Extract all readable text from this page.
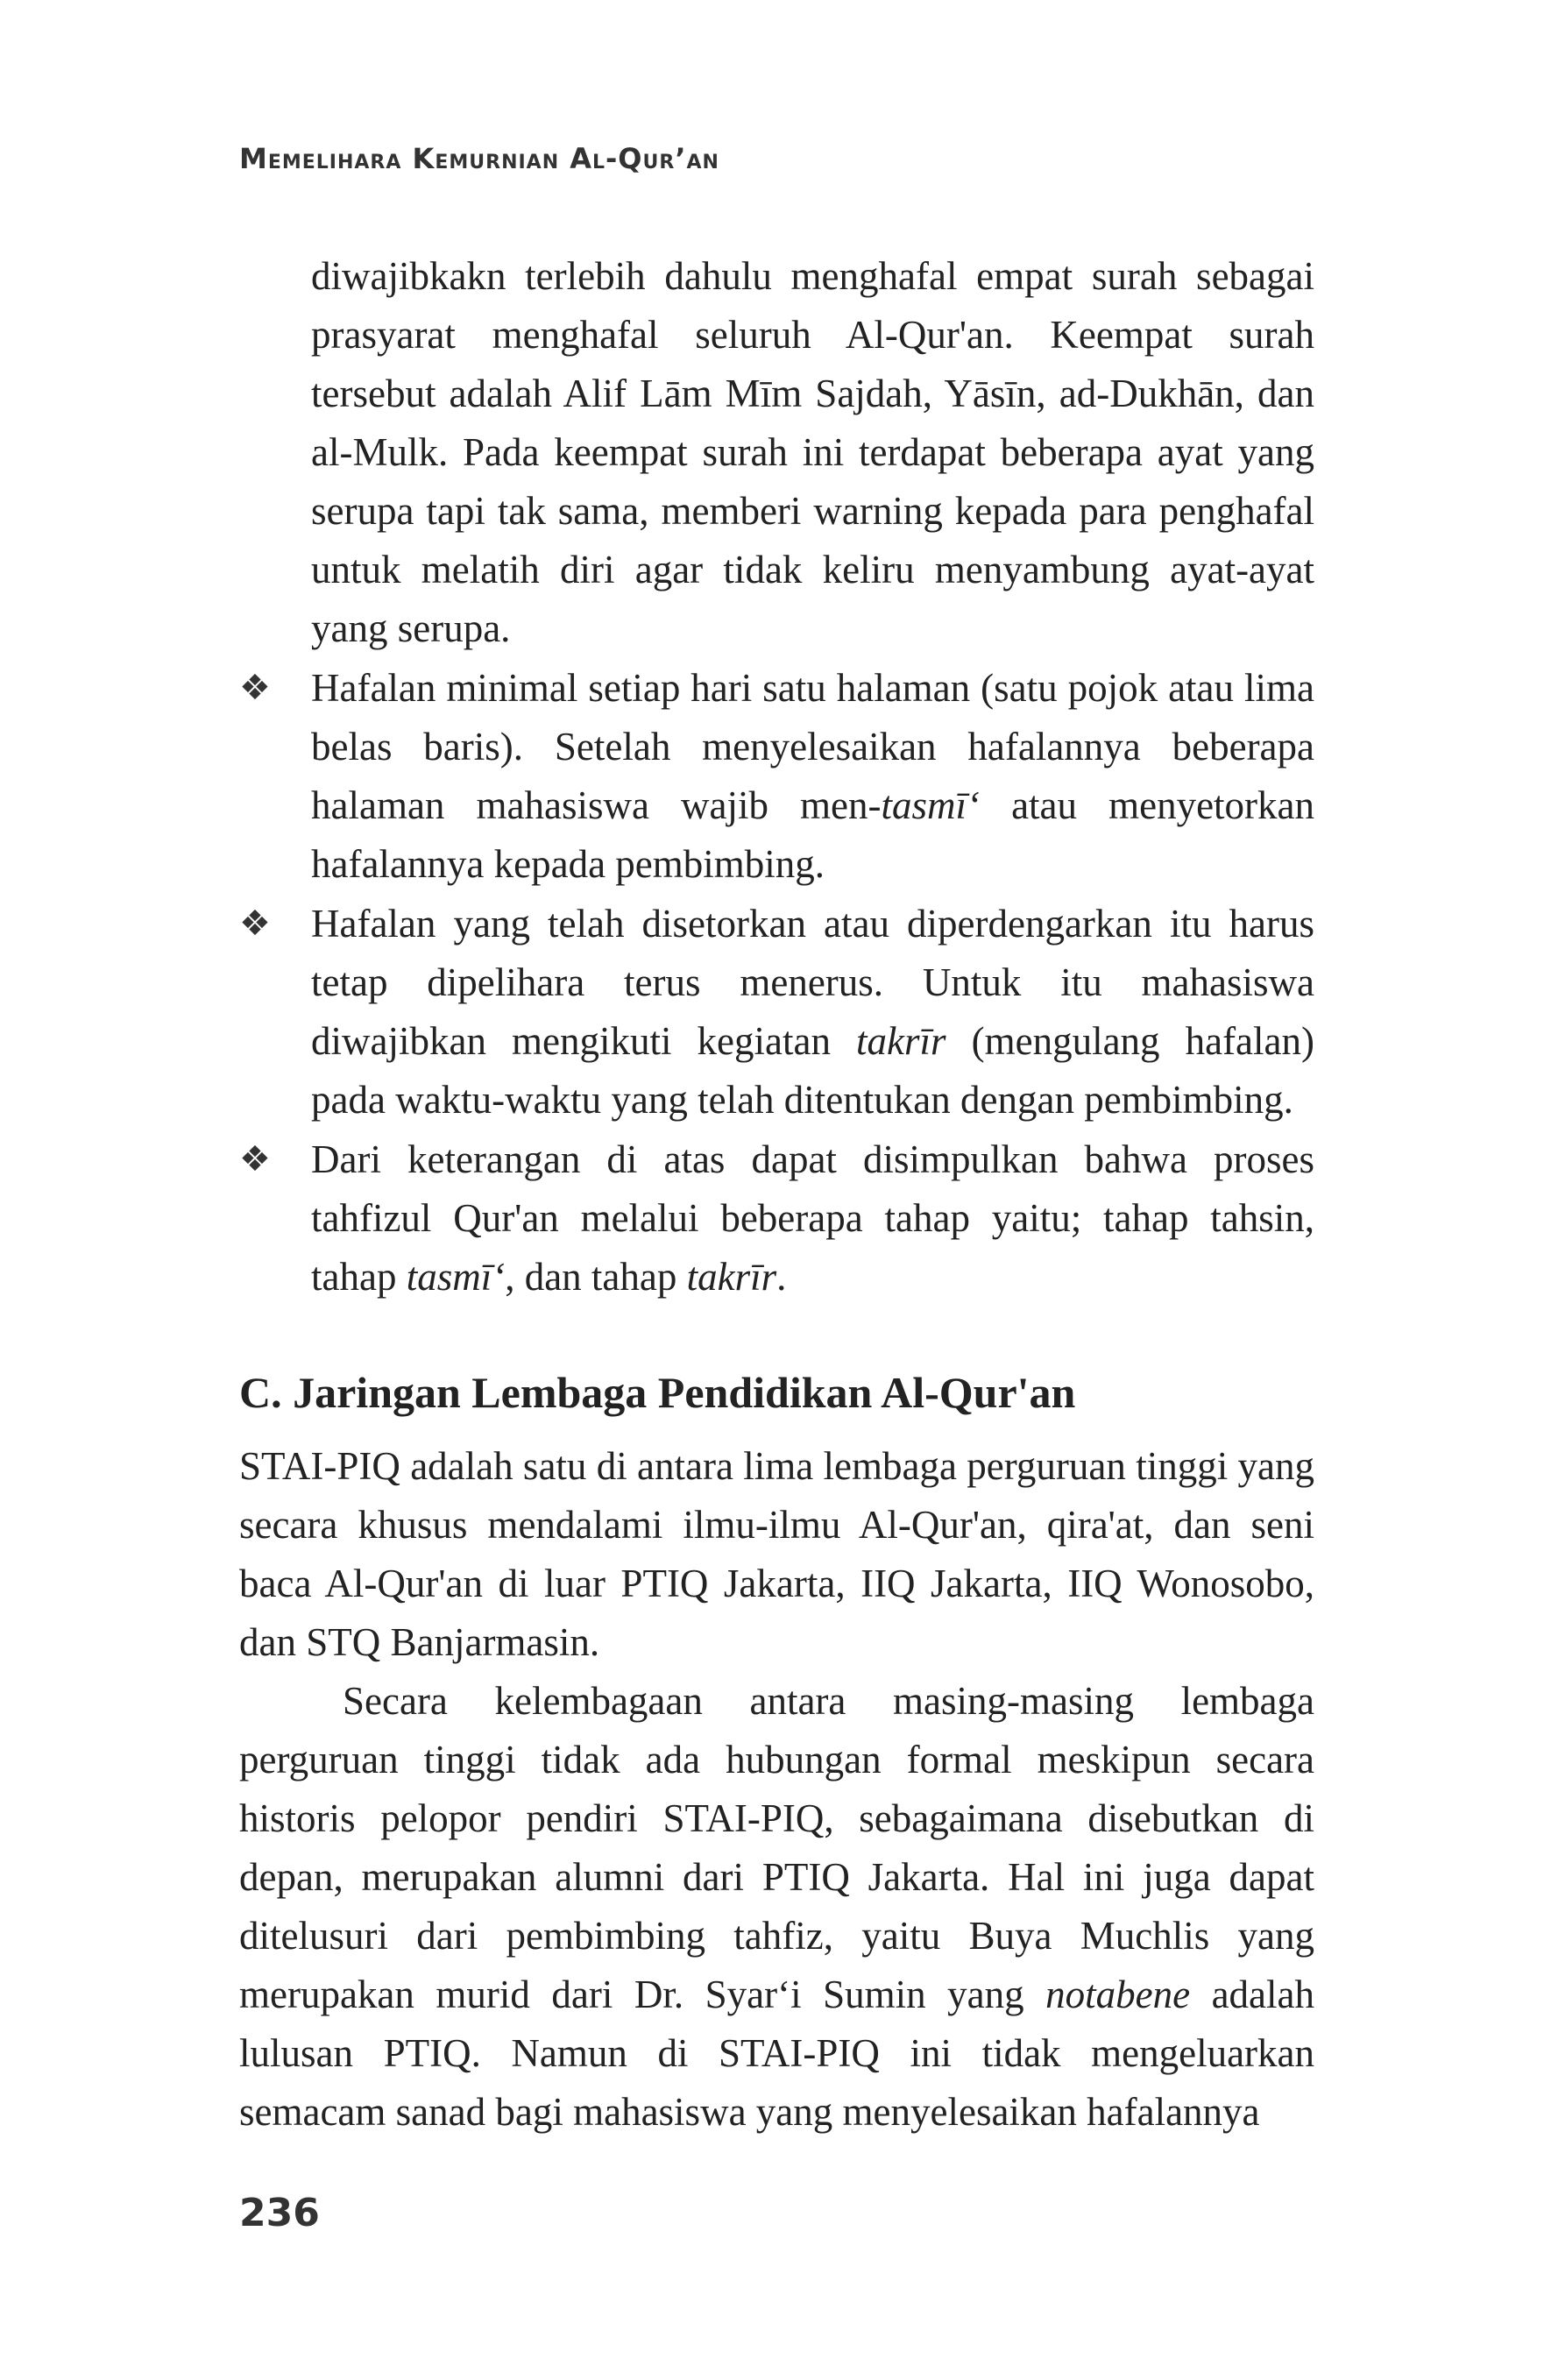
Memelihara Kemurnian Al-Qur’an
diwajibkakn terlebih dahulu menghafal empat surah sebagai prasyarat menghafal seluruh Al-Qur'an. Keempat surah tersebut adalah Alif Lām Mīm Sajdah, Yāsīn, ad-Dukhān, dan al-Mulk. Pada keempat surah ini terdapat beberapa ayat yang serupa tapi tak sama, memberi warning kepada para penghafal untuk melatih diri agar tidak keliru menyambung ayat-ayat yang serupa.
❖ Hafalan minimal setiap hari satu halaman (satu pojok atau lima belas baris). Setelah menyelesaikan hafalannya beberapa halaman mahasiswa wajib men-tasmī‘ atau menyetorkan hafalannya kepada pembimbing.
❖ Hafalan yang telah disetorkan atau diperdengarkan itu harus tetap dipelihara terus menerus. Untuk itu mahasiswa diwajibkan mengikuti kegiatan takrīr (mengulang hafalan) pada waktu-waktu yang telah ditentukan dengan pembimbing.
❖ Dari keterangan di atas dapat disimpulkan bahwa proses tahfizul Qur'an melalui beberapa tahap yaitu; tahap tahsin, tahap tasmī‘, dan tahap takrīr.
C. Jaringan Lembaga Pendidikan Al-Qur'an
STAI-PIQ adalah satu di antara lima lembaga perguruan tinggi yang secara khusus mendalami ilmu-ilmu Al-Qur'an, qira'at, dan seni baca Al-Qur'an di luar PTIQ Jakarta, IIQ Jakarta, IIQ Wonosobo, dan STQ Banjarmasin.
Secara kelembagaan antara masing-masing lembaga perguruan tinggi tidak ada hubungan formal meskipun secara historis pelopor pendiri STAI-PIQ, sebagaimana disebutkan di depan, merupakan alumni dari PTIQ Jakarta. Hal ini juga dapat ditelusuri dari pembimbing tahfiz, yaitu Buya Muchlis yang merupakan murid dari Dr. Syar‘i Sumin yang notabene adalah lulusan PTIQ. Namun di STAI-PIQ ini tidak mengeluarkan semacam sanad bagi mahasiswa yang menyelesaikan hafalannya
236
